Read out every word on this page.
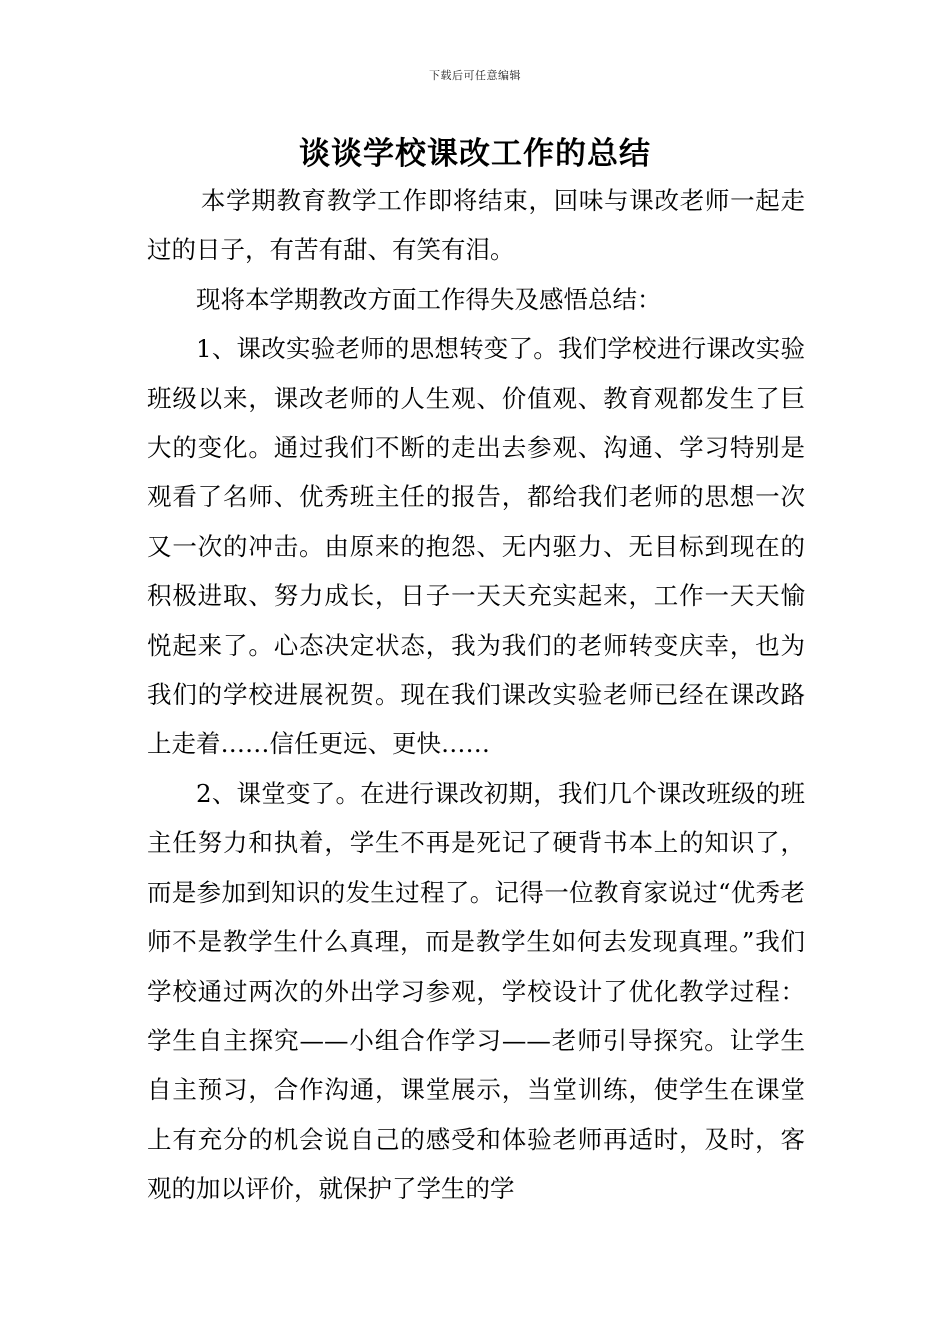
下载后可任意编辑
谈谈学校课改工作的总结

本学期教育教学工作即将结束，回味与课改老师一起走过的日子，有苦有甜、有笑有泪。

现将本学期教改方面工作得失及感悟总结：

1、课改实验老师的思想转变了。我们学校进行课改实验班级以来，课改老师的人生观、价值观、教育观都发生了巨大的变化。通过我们不断的走出去参观、沟通、学习特别是观看了名师、优秀班主任的报告，都给我们老师的思想一次又一次的冲击。由原来的抱怨、无内驱力、无目标到现在的积极进取、努力成长，日子一天天充实起来，工作一天天愉悦起来了。心态决定状态，我为我们的老师转变庆幸，也为我们的学校进展祝贺。现在我们课改实验老师已经在课改路上走着……信任更远、更快……

2、课堂变了。在进行课改初期，我们几个课改班级的班主任努力和执着，学生不再是死记了硬背书本上的知识了，而是参加到知识的发生过程了。记得一位教育家说过“优秀老师不是教学生什么真理，而是教学生如何去发现真理。”我们学校通过两次的外出学习参观，学校设计了优化教学过程：学生自主探究——小组合作学习——老师引导探究。让学生自主预习，合作沟通，课堂展示，当堂训练，使学生在课堂上有充分的机会说自己的感受和体验老师再适时，及时，客观的加以评价，就保护了学生的学
